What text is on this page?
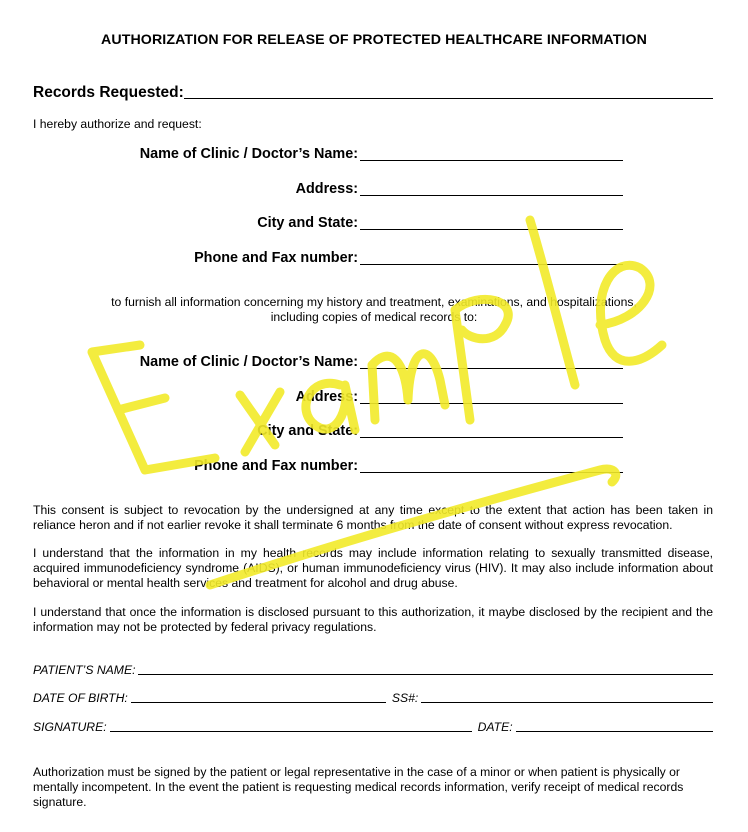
AUTHORIZATION FOR RELEASE OF PROTECTED HEALTHCARE INFORMATION
Records Requested:
I hereby authorize and request:
Name of Clinic / Doctor’s Name:
Address:
City and State:
Phone and Fax number:
to furnish all information concerning my history and treatment, examinations, and hospitalizations,
including copies of medical records to:
Name of Clinic / Doctor’s Name:
Address:
City and State:
Phone and Fax number:
This consent is subject to revocation by the undersigned at any time except to the extent that action has been taken in reliance heron and if not earlier revoke it shall terminate 6 months from the date of consent without express revocation.
I understand that the information in my health records may include information relating to sexually transmitted disease, acquired immunodeficiency syndrome (AIDS), or human immunodeficiency virus (HIV). It may also include information about behavioral or mental health services and treatment for alcohol and drug abuse.
I understand that once the information is disclosed pursuant to this authorization, it maybe disclosed by the recipient and the information may not be protected by federal privacy regulations.
PATIENT’S NAME:
DATE OF BIRTH:	SS#:
SIGNATURE:	DATE:
Authorization must be signed by the patient or legal representative in the case of a minor or when patient is physically or mentally incompetent. In the event the patient is requesting medical records information, verify receipt of medical records signature.
